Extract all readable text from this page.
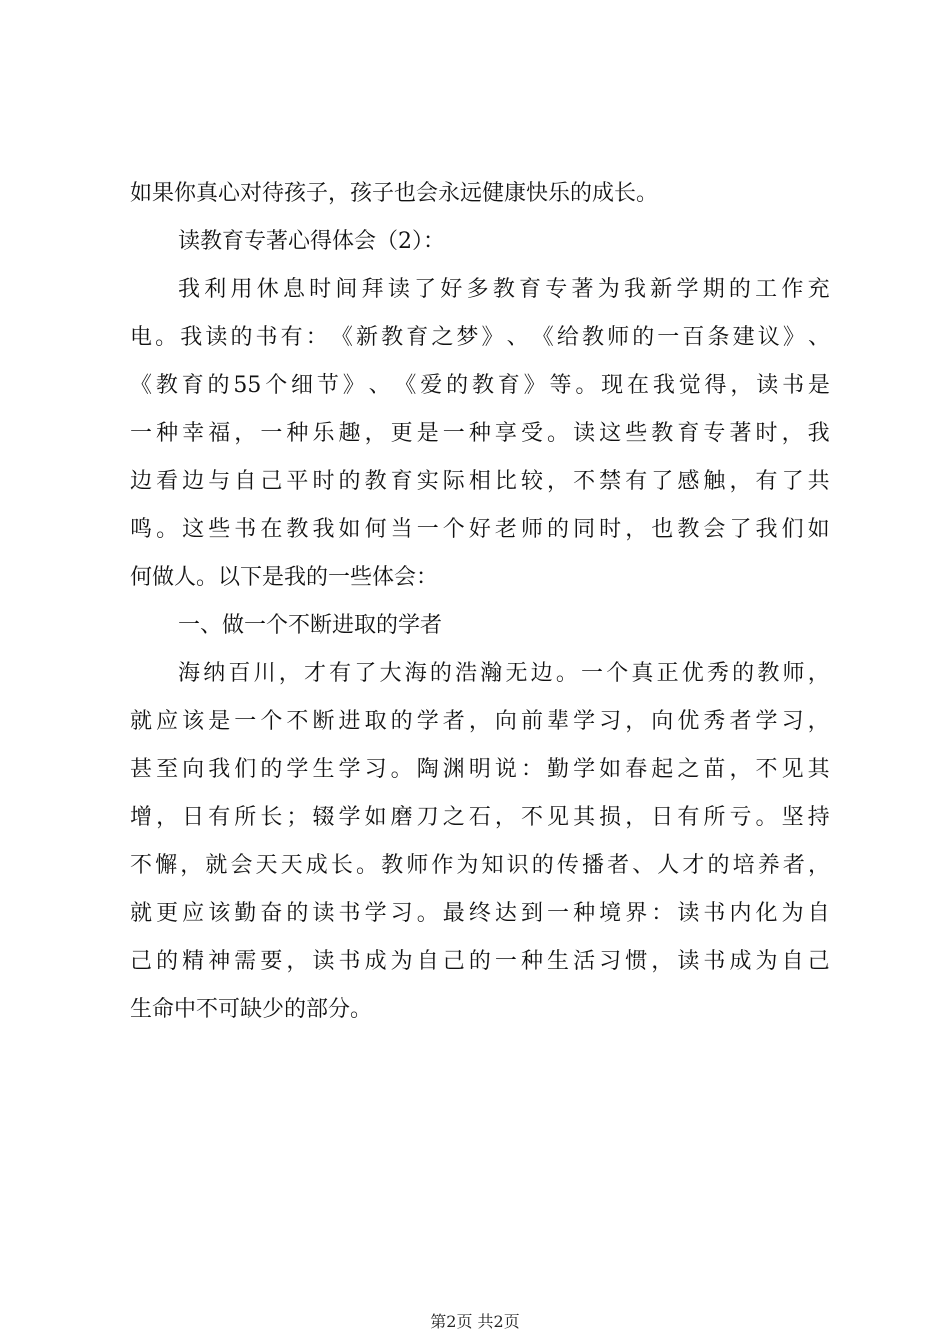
如果你真心对待孩子，孩子也会永远健康快乐的成长。
读教育专著心得体会（2）：
我 利 用 休 息 时 间 拜 读 了 好 多 教 育 专 著 为 我 新 学 期 的 工 作 充
电 。 我 读 的 书 有 ： 《 新 教 育 之 梦 》 、 《 给 教 师 的 一 百 条 建 议 》 、
《 教 育 的 55 个 细 节 》 、 《 爱 的 教 育 》 等 。 现 在 我 觉 得 ， 读 书 是
一 种 幸 福 ， 一 种 乐 趣 ， 更 是 一 种 享 受 。 读 这 些 教 育 专 著 时 ， 我
边 看 边 与 自 己 平 时 的 教 育 实 际 相 比 较 ， 不 禁 有 了 感 触 ， 有 了 共
鸣 。 这 些 书 在 教 我 如 何 当 一 个 好 老 师 的 同 时 ， 也 教 会 了 我 们 如
何做人。以下是我的一些体会：
一、做一个不断进取的学者
海 纳 百 川 ， 才 有 了 大 海 的 浩 瀚 无 边 。 一 个 真 正 优 秀 的 教 师 ，
就 应 该 是 一 个 不 断 进 取 的 学 者 ， 向 前 辈 学 习 ， 向 优 秀 者 学 习 ，
甚 至 向 我 们 的 学 生 学 习 。 陶 渊 明 说 ： 勤 学 如 春 起 之 苗 ， 不 见 其
增 ， 日 有 所 长 ； 辍 学 如 磨 刀 之 石 ， 不 见 其 损 ， 日 有 所 亏 。 坚 持
不 懈 ， 就 会 天 天 成 长 。 教 师 作 为 知 识 的 传 播 者 、 人 才 的 培 养 者 ，
就 更 应 该 勤 奋 的 读 书 学 习 。 最 终 达 到 一 种 境 界 ： 读 书 内 化 为 自
己 的 精 神 需 要 ， 读 书 成 为 自 己 的 一 种 生 活 习 惯 ， 读 书 成 为 自 己
生命中不可缺少的部分。
第2页 共2页
